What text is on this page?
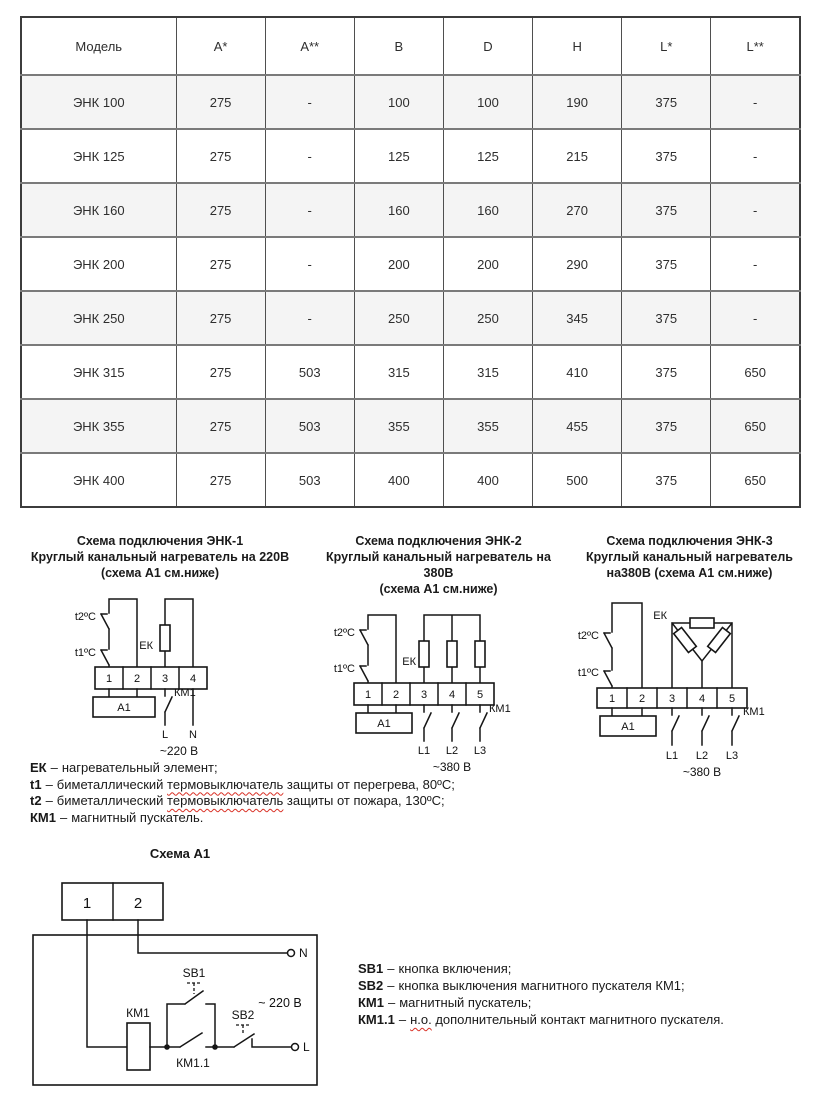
Модель	A*	A**	B	D	H	L*	L**
ЭНК 100	275	-	100	100	190	375	-
ЭНК 125	275	-	125	125	215	375	-
ЭНК 160	275	-	160	160	270	375	-
ЭНК 200	275	-	200	200	290	375	-
ЭНК 250	275	-	250	250	345	375	-
ЭНК 315	275	503	315	315	410	375	650
ЭНК 355	275	503	355	355	455	375	650
ЭНК 400	275	503	400	400	500	375	650
Схема подключения ЭНК-1
Круглый канальный нагреватель на 220В
(схема А1 см.ниже)
t2ºC
t1ºC
ЕК
1 2 3 4
А1
КМ1
L N
~220 В
Схема подключения ЭНК-2
Круглый канальный нагреватель на 380В
(схема А1 см.ниже)
t2ºC
t1ºC
ЕК
1 2 3 4 5
А1
КМ1
L1 L2 L3
~380 В
Схема подключения ЭНК-3
Круглый канальный нагреватель
на380В (схема А1 см.ниже)
t2ºC
t1ºC
ЕК
1 2 3 4 5
А1
КМ1
L1 L2 L3
~380 В
ЕК – нагревательный элемент;
t1 – биметаллический термовыключатель защиты от перегрева, 80ºС;
t2 – биметаллический термовыключатель защиты от пожара, 130ºС;
КМ1 – магнитный пускатель.
Схема А1
1	2
N
КМ1
КМ1.1
SB1
SB2
L
~ 220 В
SB1 – кнопка включения;
SB2 – кнопка выключения магнитного пускателя КМ1;
КМ1 – магнитный пускатель;
КМ1.1 – н.о. дополнительный контакт магнитного пускателя.
